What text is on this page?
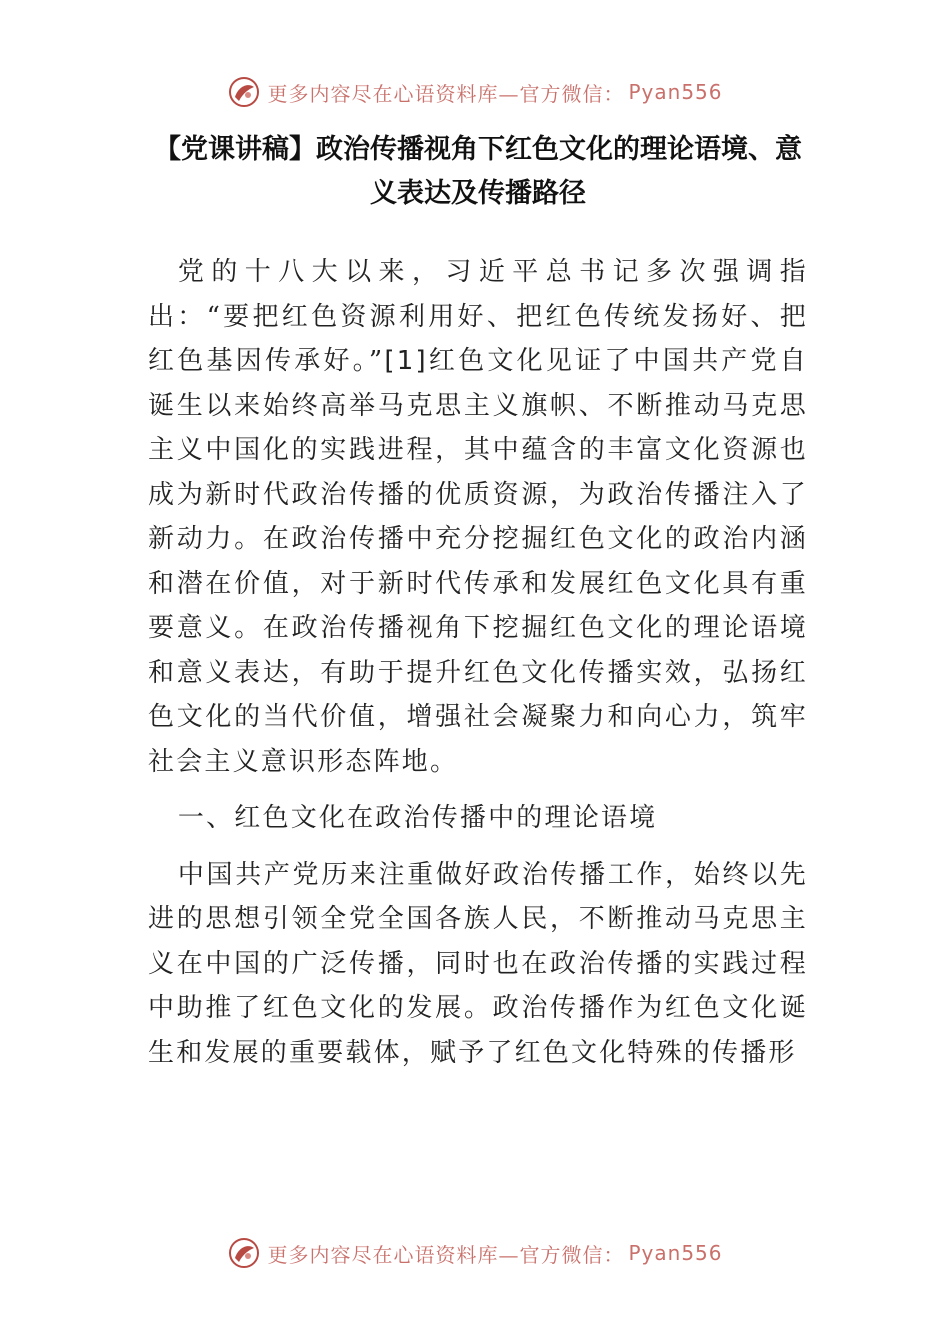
更多内容尽在心语资料库—官方微信： Pyan556
【党课讲稿】政治传播视角下红色文化的理论语境、意义表达及传播路径

党的十八大以来，习近平总书记多次强调指出：“要把红色资源利用好、把红色传统发扬好、把红色基因传承好。”[1]红色文化见证了中国共产党自诞生以来始终高举马克思主义旗帜、不断推动马克思主义中国化的实践进程，其中蕴含的丰富文化资源也成为新时代政治传播的优质资源，为政治传播注入了新动力。在政治传播中充分挖掘红色文化的政治内涵和潜在价值，对于新时代传承和发展红色文化具有重要意义。在政治传播视角下挖掘红色文化的理论语境和意义表达，有助于提升红色文化传播实效，弘扬红色文化的当代价值，增强社会凝聚力和向心力，筑牢社会主义意识形态阵地。

一、红色文化在政治传播中的理论语境

中国共产党历来注重做好政治传播工作，始终以先进的思想引领全党全国各族人民，不断推动马克思主义在中国的广泛传播，同时也在政治传播的实践过程中助推了红色文化的发展。政治传播作为红色文化诞生和发展的重要载体，赋予了红色文化特殊的传播形

更多内容尽在心语资料库—官方微信： Pyan556
